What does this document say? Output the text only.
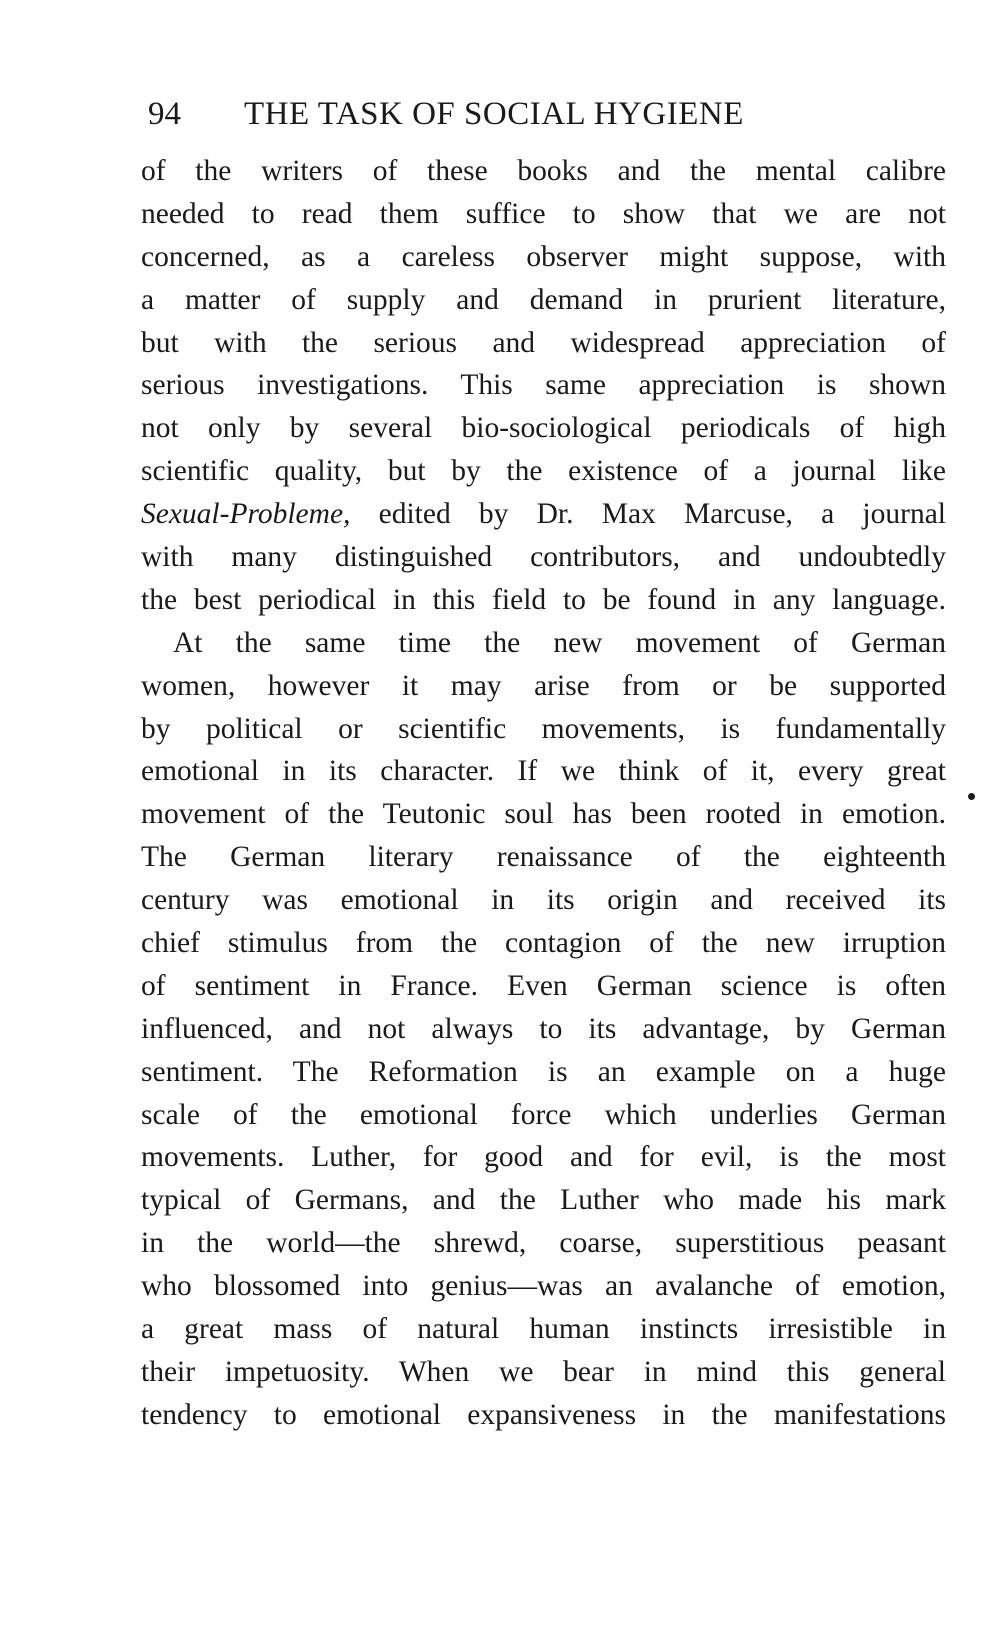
94 THE TASK OF SOCIAL HYGIENE
of the writers of these books and the mental calibre
needed to read them suffice to show that we are not
concerned, as a careless observer might suppose, with
a matter of supply and demand in prurient literature,
but with the serious and widespread appreciation of
serious investigations. This same appreciation is shown
not only by several bio-sociological periodicals of high
scientific quality, but by the existence of a journal like
Sexual-Probleme, edited by Dr. Max Marcuse, a journal
with many distinguished contributors, and undoubtedly
the best periodical in this field to be found in any language.
At the same time the new movement of German
women, however it may arise from or be supported
by political or scientific movements, is fundamentally
emotional in its character. If we think of it, every great
movement of the Teutonic soul has been rooted in emotion.
The German literary renaissance of the eighteenth
century was emotional in its origin and received its
chief stimulus from the contagion of the new irruption
of sentiment in France. Even German science is often
influenced, and not always to its advantage, by German
sentiment. The Reformation is an example on a huge
scale of the emotional force which underlies German
movements. Luther, for good and for evil, is the most
typical of Germans, and the Luther who made his mark
in the world—the shrewd, coarse, superstitious peasant
who blossomed into genius—was an avalanche of emotion,
a great mass of natural human instincts irresistible in
their impetuosity. When we bear in mind this general
tendency to emotional expansiveness in the manifestations
